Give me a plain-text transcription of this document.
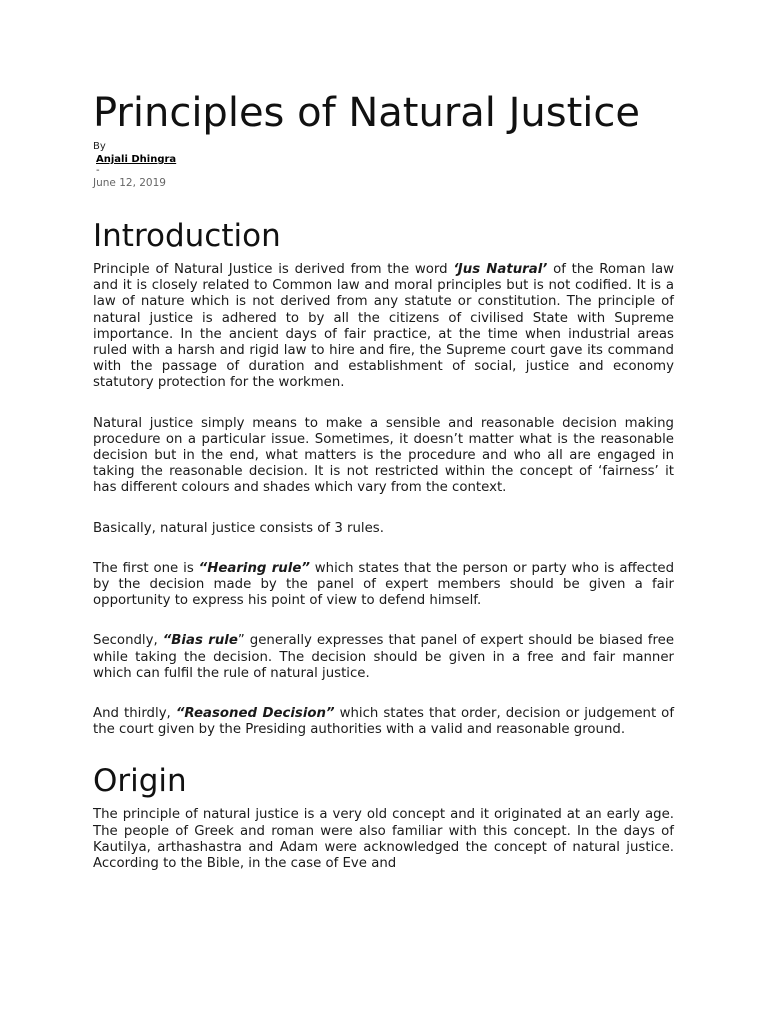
Principles of Natural Justice
By
Anjali Dhingra
-
June 12, 2019
Introduction

Principle of Natural Justice is derived from the word ‘Jus Natural’ of the Roman law and it is closely related to Common law and moral principles but is not codified. It is a law of nature which is not derived from any statute or constitution. The principle of natural justice is adhered to by all the citizens of civilised State with Supreme importance. In the ancient days of fair practice, at the time when industrial areas ruled with a harsh and rigid law to hire and fire, the Supreme court gave its command with the passage of duration and establishment of social, justice and economy statutory protection for the workmen.

Natural justice simply means to make a sensible and reasonable decision making procedure on a particular issue. Sometimes, it doesn’t matter what is the reasonable decision but in the end, what matters is the procedure and who all are engaged in taking the reasonable decision. It is not restricted within the concept of ‘fairness’ it has different colours and shades which vary from the context.

Basically, natural justice consists of 3 rules.

The first one is “Hearing rule” which states that the person or party who is affected by the decision made by the panel of expert members should be given a fair opportunity to express his point of view to defend himself.

Secondly, “Bias rule” generally expresses that panel of expert should be biased free while taking the decision. The decision should be given in a free and fair manner which can fulfil the rule of natural justice.

And thirdly, “Reasoned Decision” which states that order, decision or judgement of the court given by the Presiding authorities with a valid and reasonable ground.

Origin

The principle of natural justice is a very old concept and it originated at an early age. The people of Greek and roman were also familiar with this concept. In the days of Kautilya, arthashastra and Adam were acknowledged the concept of natural justice. According to the Bible, in the case of Eve and
